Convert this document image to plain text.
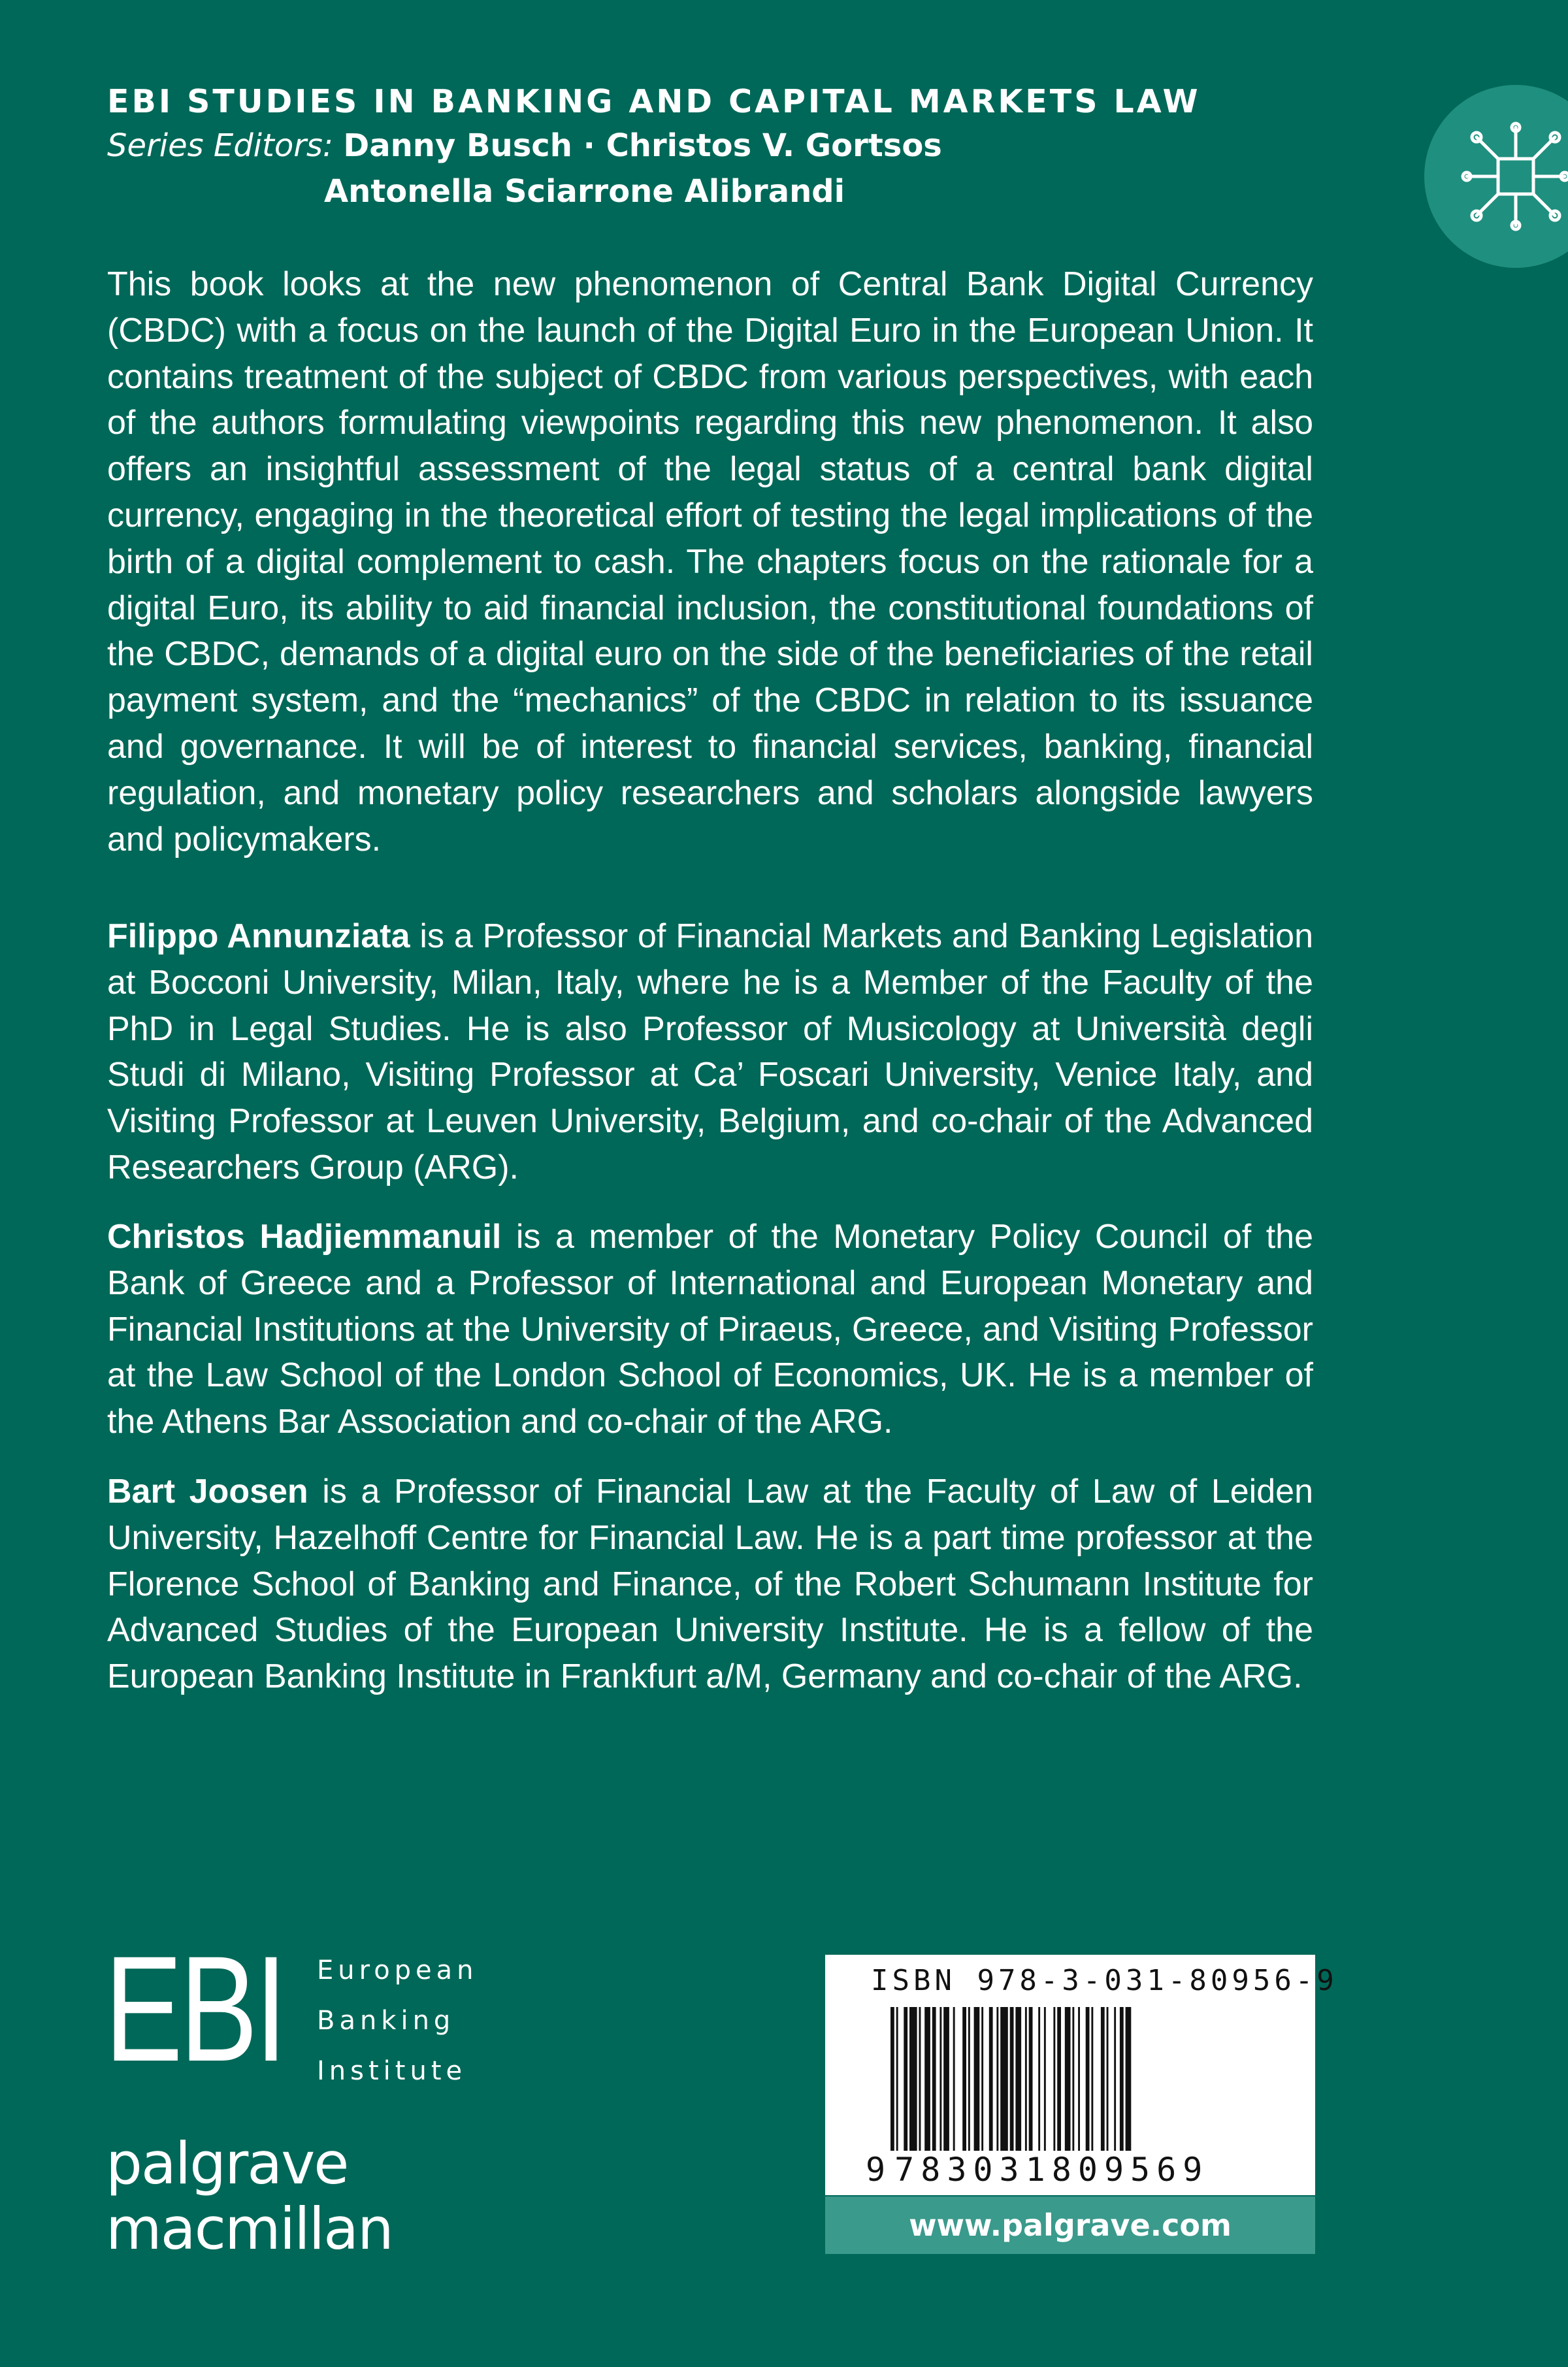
EBI STUDIES IN BANKING AND CAPITAL MARKETS LAW
Series Editors: Danny Busch · Christos V. Gortsos
Antonella Sciarrone Alibrandi

This book looks at the new phenomenon of Central Bank Digital Currency (CBDC) with a focus on the launch of the Digital Euro in the European Union. It contains treatment of the subject of CBDC from various perspectives, with each of the authors formulating viewpoints regarding this new phenomenon. It also offers an insightful assessment of the legal status of a central bank digital currency, engaging in the theoretical effort of testing the legal implications of the birth of a digital complement to cash. The chapters focus on the rationale for a digital Euro, its ability to aid financial inclusion, the constitutional foundations of the CBDC, demands of a digital euro on the side of the beneficiaries of the retail payment system, and the “mechanics” of the CBDC in relation to its issuance and governance. It will be of interest to financial services, banking, financial regulation, and monetary policy researchers and scholars alongside lawyers and policymakers.

Filippo Annunziata is a Professor of Financial Markets and Banking Legislation at Bocconi University, Milan, Italy, where he is a Member of the Faculty of the PhD in Legal Studies. He is also Professor of Musicology at Università degli Studi di Milano, Visiting Professor at Ca’ Foscari University, Venice Italy, and Visiting Professor at Leuven University, Belgium, and co-chair of the Advanced Researchers Group (ARG).

Christos Hadjiemmanuil is a member of the Monetary Policy Council of the Bank of Greece and a Professor of International and European Monetary and Financial Institutions at the University of Piraeus, Greece, and Visiting Professor at the Law School of the London School of Economics, UK. He is a member of the Athens Bar Association and co-chair of the ARG.

Bart Joosen is a Professor of Financial Law at the Faculty of Law of Leiden University, Hazelhoff Centre for Financial Law. He is a part time professor at the Florence School of Banking and Finance, of the Robert Schumann Institute for Advanced Studies of the European University Institute. He is a fellow of the European Banking Institute in Frankfurt a/M, Germany and co-chair of the ARG.

EBI European
Banking
Institute
palgrave
macmillan
ISBN 978-3-031-80956-9
9783031809569
www.palgrave.com
